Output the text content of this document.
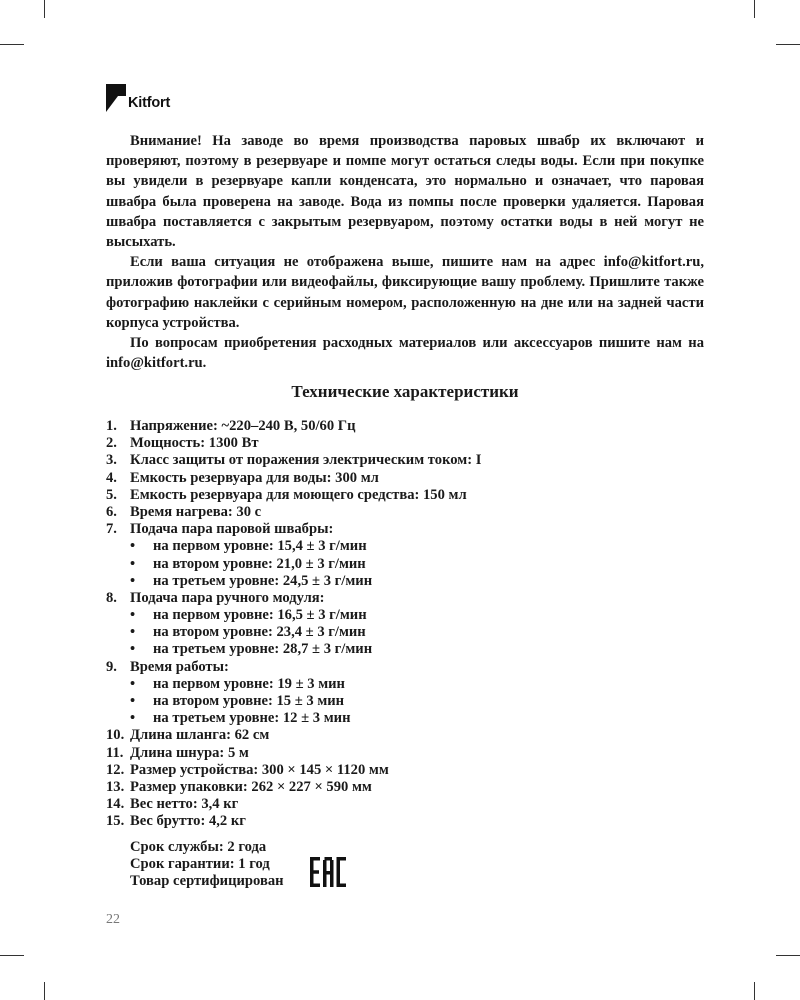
Kitfort

Внимание! На заводе во время производства паровых швабр их включают и проверяют, поэтому в резервуаре и помпе могут остаться следы воды. Если при покупке вы увидели в резервуаре капли конденсата, это нормально и означает, что паровая швабра была проверена на заводе. Вода из помпы после проверки удаляется. Паровая швабра поставляется с закрытым резервуаром, поэтому остатки воды в ней могут не высыхать.

Если ваша ситуация не отображена выше, пишите нам на адрес info@kitfort.ru, приложив фотографии или видеофайлы, фиксирующие вашу проблему. Пришлите также фотографию наклейки с серийным номером, расположенную на дне или на задней части корпуса устройства.

По вопросам приобретения расходных материалов или аксессуаров пишите нам на info@kitfort.ru.

Технические характеристики
1. Напряжение: ~220–240 В, 50/60 Гц
2. Мощность: 1300 Вт
3. Класс защиты от поражения электрическим током: I
4. Емкость резервуара для воды: 300 мл
5. Емкость резервуара для моющего средства: 150 мл
6. Время нагрева: 30 с
7. Подача пара паровой швабры:
• на первом уровне: 15,4 ± 3 г/мин
• на втором уровне: 21,0 ± 3 г/мин
• на третьем уровне: 24,5 ± 3 г/мин
8. Подача пара ручного модуля:
• на первом уровне: 16,5 ± 3 г/мин
• на втором уровне: 23,4 ± 3 г/мин
• на третьем уровне: 28,7 ± 3 г/мин
9. Время работы:
• на первом уровне: 19 ± 3 мин
• на втором уровне: 15 ± 3 мин
• на третьем уровне: 12 ± 3 мин
10. Длина шланга: 62 см
11. Длина шнура: 5 м
12. Размер устройства: 300 × 145 × 1120 мм
13. Размер упаковки: 262 × 227 × 590 мм
14. Вес нетто: 3,4 кг
15. Вес брутто: 4,2 кг
Срок службы: 2 года
Срок гарантии: 1 год
Товар сертифицирован
22
